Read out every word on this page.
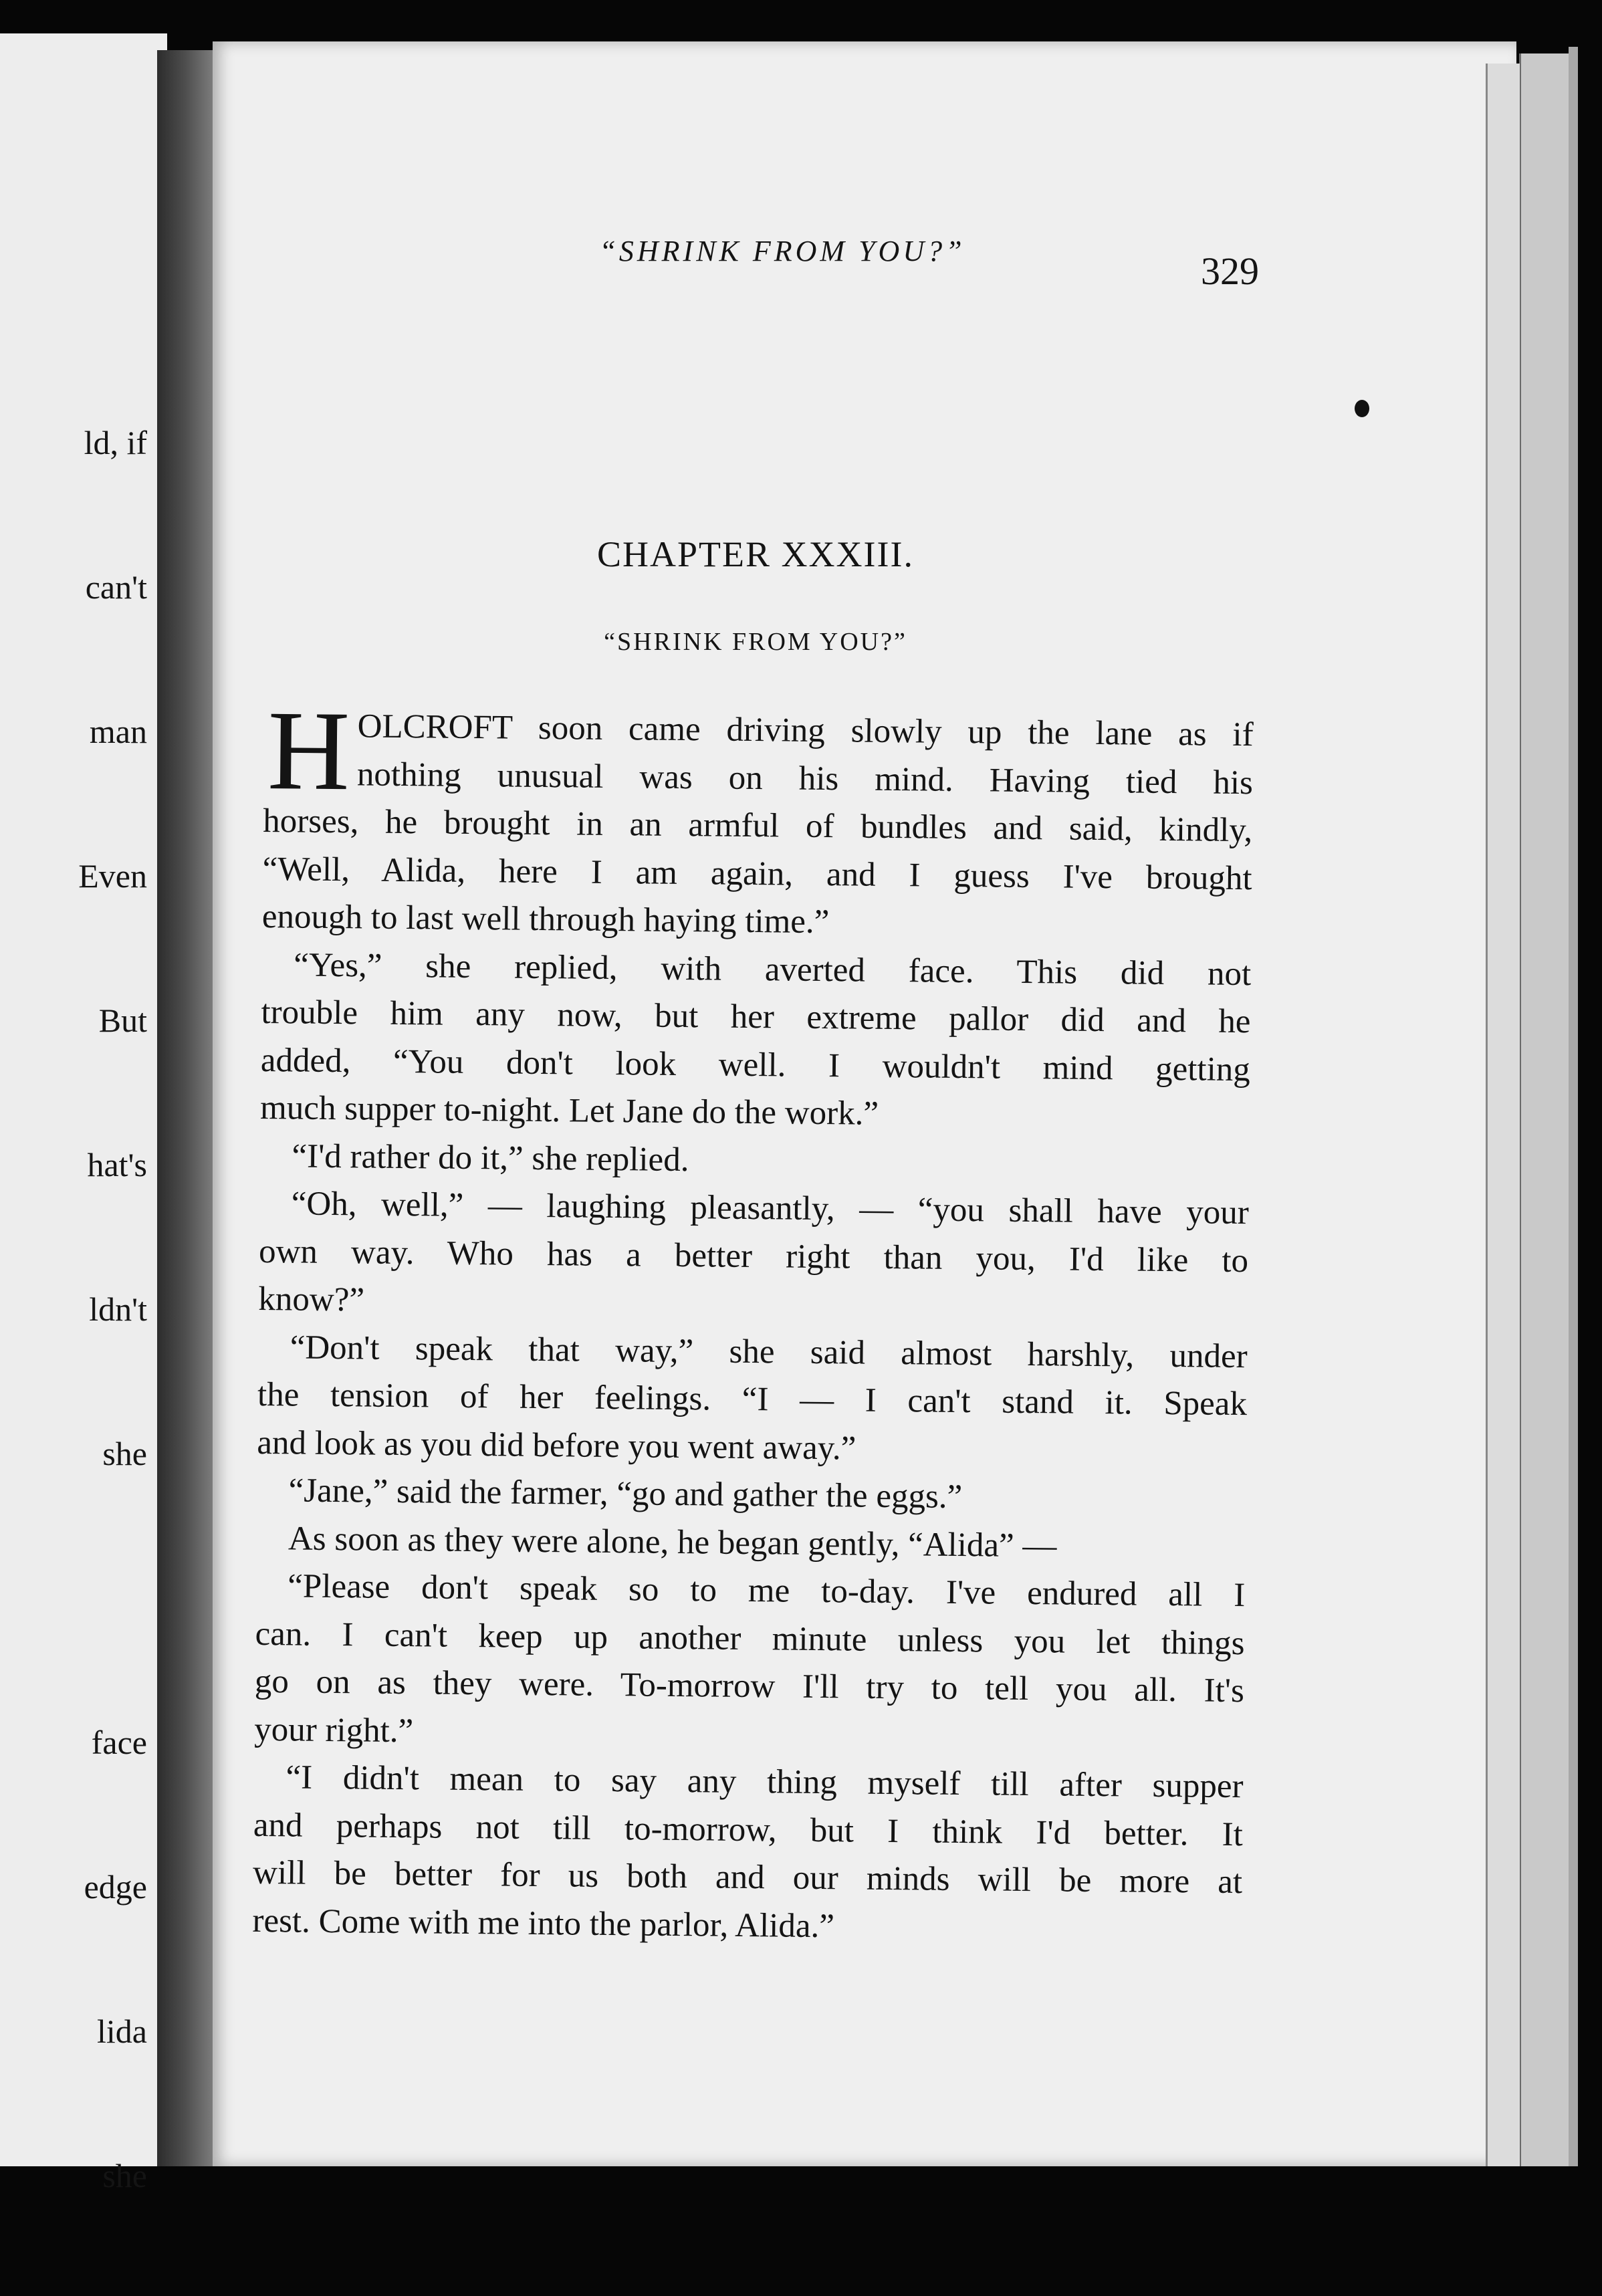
ld, if

can't

man

Even

But

hat's

ldn't

she

face

edge

lida

she

“SHRINK FROM YOU?”	329
CHAPTER XXXIII.
“SHRINK FROM YOU?”
H OLCROFT soon came driving slowly up the lane as if
nothing unusual was on his mind. Having tied his
horses, he brought in an armful of bundles and said, kindly,
“Well, Alida, here I am again, and I guess I've brought
enough to last well through haying time.”
“Yes,” she replied, with averted face. This did not
trouble him any now, but her extreme pallor did and he
added, “You don't look well. I wouldn't mind getting
much supper to-night. Let Jane do the work.”
“I'd rather do it,” she replied.
“Oh, well,” — laughing pleasantly, — “you shall have your
own way. Who has a better right than you, I'd like to
know?”
“Don't speak that way,” she said almost harshly, under
the tension of her feelings. “I — I can't stand it. Speak
and look as you did before you went away.”
“Jane,” said the farmer, “go and gather the eggs.”
As soon as they were alone, he began gently, “Alida” —
“Please don't speak so to me to-day. I've endured all I
can. I can't keep up another minute unless you let things
go on as they were. To-morrow I'll try to tell you all. It's
your right.”
“I didn't mean to say any thing myself till after supper
and perhaps not till to-morrow, but I think I'd better. It
will be better for us both and our minds will be more at
rest. Come with me into the parlor, Alida.”
